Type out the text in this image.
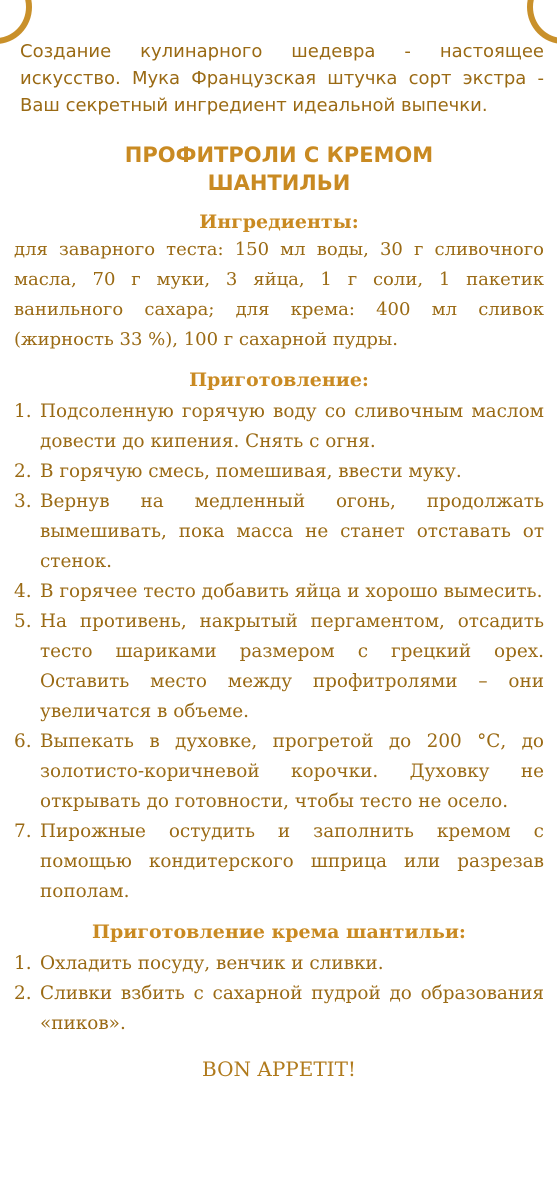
Создание кулинарного шедевра - настоящее искусство. Мука Французская штучка сорт экстра - Ваш секретный ингредиент идеальной выпечки.
ПРОФИТРОЛИ С КРЕМОМ
ШАНТИЛЬИ
Ингредиенты:
для заварного теста: 150 мл воды, 30 г сливочного масла, 70 г муки, 3 яйца, 1 г соли, 1 пакетик ванильного сахара; для крема: 400 мл сливок (жирность 33 %), 100 г сахарной пудры.
Приготовление:
1. Подсоленную горячую воду со сливочным маслом довести до кипения. Снять с огня.
2. В горячую смесь, помешивая, ввести муку.
3. Вернув на медленный огонь, продолжать вымешивать, пока масса не станет отставать от стенок.
4. В горячее тесто добавить яйца и хорошо вымесить.
5. На противень, накрытый пергаментом, отсадить тесто шариками размером с грецкий орех. Оставить место между профитролями – они увеличатся в объеме.
6. Выпекать в духовке, прогретой до 200 °С, до золотисто-коричневой корочки. Духовку не открывать до готовности, чтобы тесто не осело.
7. Пирожные остудить и заполнить кремом с помощью кондитерского шприца или разрезав пополам.
Приготовление крема шантильи:
1. Охладить посуду, венчик и сливки.
2. Сливки взбить с сахарной пудрой до образования «пиков».
BON APPETIT!
